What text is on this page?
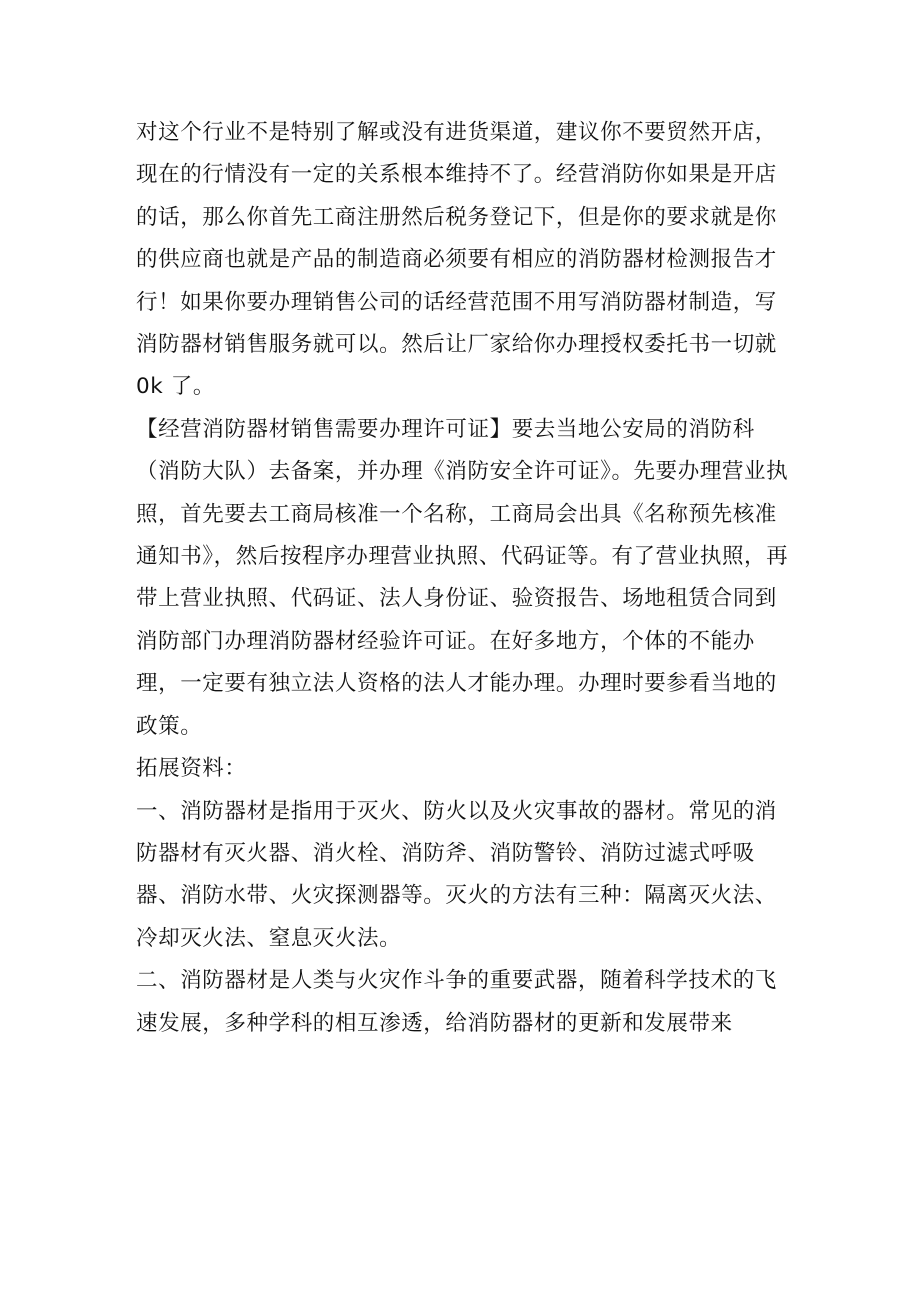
对这个行业不是特别了解或没有进货渠道，建议你不要贸然开店，现在的行情没有一定的关系根本维持不了。经营消防你如果是开店的话，那么你首先工商注册然后税务登记下，但是你的要求就是你的供应商也就是产品的制造商必须要有相应的消防器材检测报告才行！如果你要办理销售公司的话经营范围不用写消防器材制造，写消防器材销售服务就可以。然后让厂家给你办理授权委托书一切就 0k 了。

【经营消防器材销售需要办理许可证】要去当地公安局的消防科（消防大队）去备案，并办理《消防安全许可证》。先要办理营业执照，首先要去工商局核准一个名称，工商局会出具《名称预先核准通知书》，然后按程序办理营业执照、代码证等。有了营业执照，再带上营业执照、代码证、法人身份证、验资报告、场地租赁合同到消防部门办理消防器材经验许可证。在好多地方，个体的不能办理，一定要有独立法人资格的法人才能办理。办理时要参看当地的政策。

拓展资料：

一、消防器材是指用于灭火、防火以及火灾事故的器材。常见的消防器材有灭火器、消火栓、消防斧、消防警铃、消防过滤式呼吸器、消防水带、火灾探测器等。灭火的方法有三种：隔离灭火法、冷却灭火法、窒息灭火法。

二、消防器材是人类与火灾作斗争的重要武器，随着科学技术的飞速发展，多种学科的相互渗透，给消防器材的更新和发展带来
